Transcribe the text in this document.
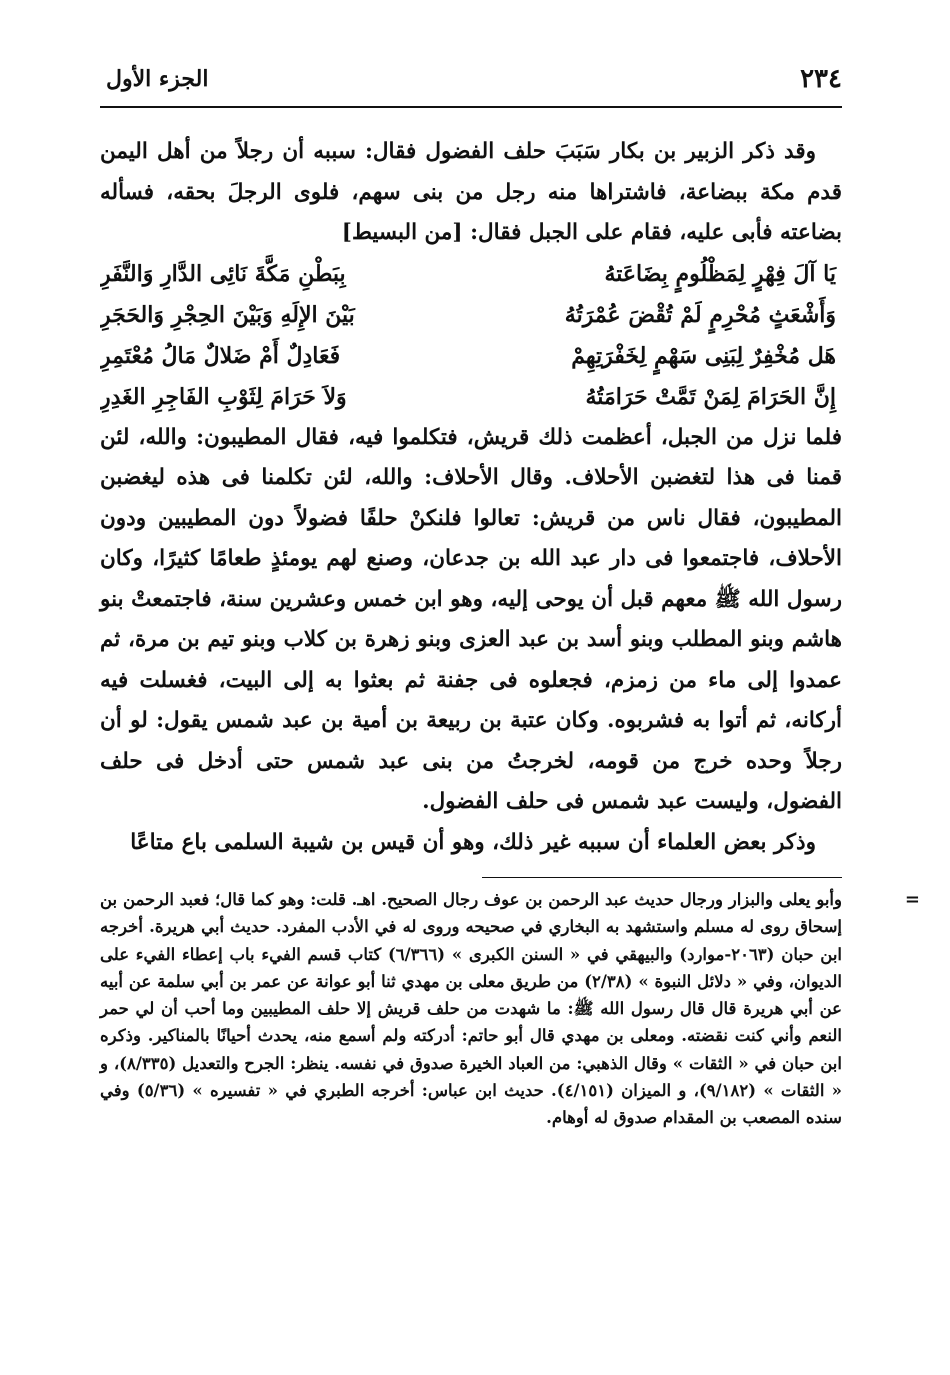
٢٣٤
الجزء الأول

وقد ذكر الزبير بن بكار سَبَبَ حلف الفضول فقال: سببه أن رجلاً من أهل اليمن قدم مكة ببضاعة، فاشتراها منه رجل من بنى سهم، فلوى الرجلَ بحقه، فسأله بضاعته فأبى عليه، فقام على الجبل فقال: [من البسيط]

يَا آلَ فِهْرٍ لِمَظْلُومٍ بِضَاعَتهُ
بِبَطْنِ مَكَّةَ نَائِى الدَّارِ وَالنَّفَرِ
وَأَشْعَثٍ مُحْرِمٍ لَمْ تُقْضَ عُمْرَتُهُ
بَيْنَ الإِلَهِ وَبَيْنَ الحِجْرِ وَالحَجَرِ
هَل مُخْفِرٌ لِبَنِى سَهْمٍ لِخَفْرَتِهِمْ
فَعَادِلٌ أَمْ ضَلالٌ مَالُ مُعْتَمِرِ
إِنَّ الحَرَامَ لِمَنْ تَمَّتْ حَرَامَتُهُ
وَلاَ حَرَامَ لِثَوْبِ الفَاجِرِ الغَدِرِ

فلما نزل من الجبل، أعظمت ذلك قريش، فتكلموا فيه، فقال المطيبون: والله، لئن قمنا فى هذا لتغضبن الأحلاف. وقال الأحلاف: والله، لئن تكلمنا فى هذه ليغضبن المطيبون، فقال ناس من قريش: تعالوا فلنكنْ حلفًا فضولاً دون المطيبين ودون الأحلاف، فاجتمعوا فى دار عبد الله بن جدعان، وصنع لهم يومئذٍ طعامًا كثيرًا، وكان رسول الله ﷺ معهم قبل أن يوحى إليه، وهو ابن خمس وعشرين سنة، فاجتمعتْ بنو هاشم وبنو المطلب وبنو أسد بن عبد العزى وبنو زهرة بن كلاب وبنو تيم بن مرة، ثم عمدوا إلى ماء من زمزم، فجعلوه فى جفنة ثم بعثوا به إلى البيت، فغسلت فيه أركانه، ثم أتوا به فشربوه. وكان عتبة بن ربيعة بن أمية بن عبد شمس يقول: لو أن رجلاً وحده خرج من قومه، لخرجتُ من بنى عبد شمس حتى أدخل فى حلف الفضول، وليست عبد شمس فى حلف الفضول.

وذكر بعض العلماء أن سببه غير ذلك، وهو أن قيس بن شيبة السلمى باع متاعًا

=
وأبو يعلى والبزار ورجال حديث عبد الرحمن بن عوف رجال الصحيح. اهـ. قلت: وهو كما قال؛ فعبد الرحمن بن إسحاق روى له مسلم واستشهد به البخاري في صحيحه وروى له في الأدب المفرد. حديث أبي هريرة. أخرجه ابن حبان (٢٠٦٣-موارد) والبيهقي في « السنن الكبرى » (٦/٣٦٦) كتاب قسم الفيء باب إعطاء الفيء على الديوان، وفي « دلائل النبوة » (٢/٣٨) من طريق معلى بن مهدي ثنا أبو عوانة عن عمر بن أبي سلمة عن أبيه عن أبي هريرة قال قال رسول الله ﷺ: ما شهدت من حلف قريش إلا حلف المطيبين وما أحب أن لي حمر النعم وأني كنت نقضته. ومعلى بن مهدي قال أبو حاتم: أدركته ولم أسمع منه، يحدث أحيانًا بالمناكير. وذكره ابن حبان في « الثقات » وقال الذهبي: من العباد الخيرة صدوق في نفسه. ينظر: الجرح والتعديل (٨/٣٣٥)، و « الثقات » (٩/١٨٢)، و الميزان (٤/١٥١). حديث ابن عباس: أخرجه الطبري في « تفسيره » (٥/٣٦) وفي سنده المصعب بن المقدام صدوق له أوهام.
